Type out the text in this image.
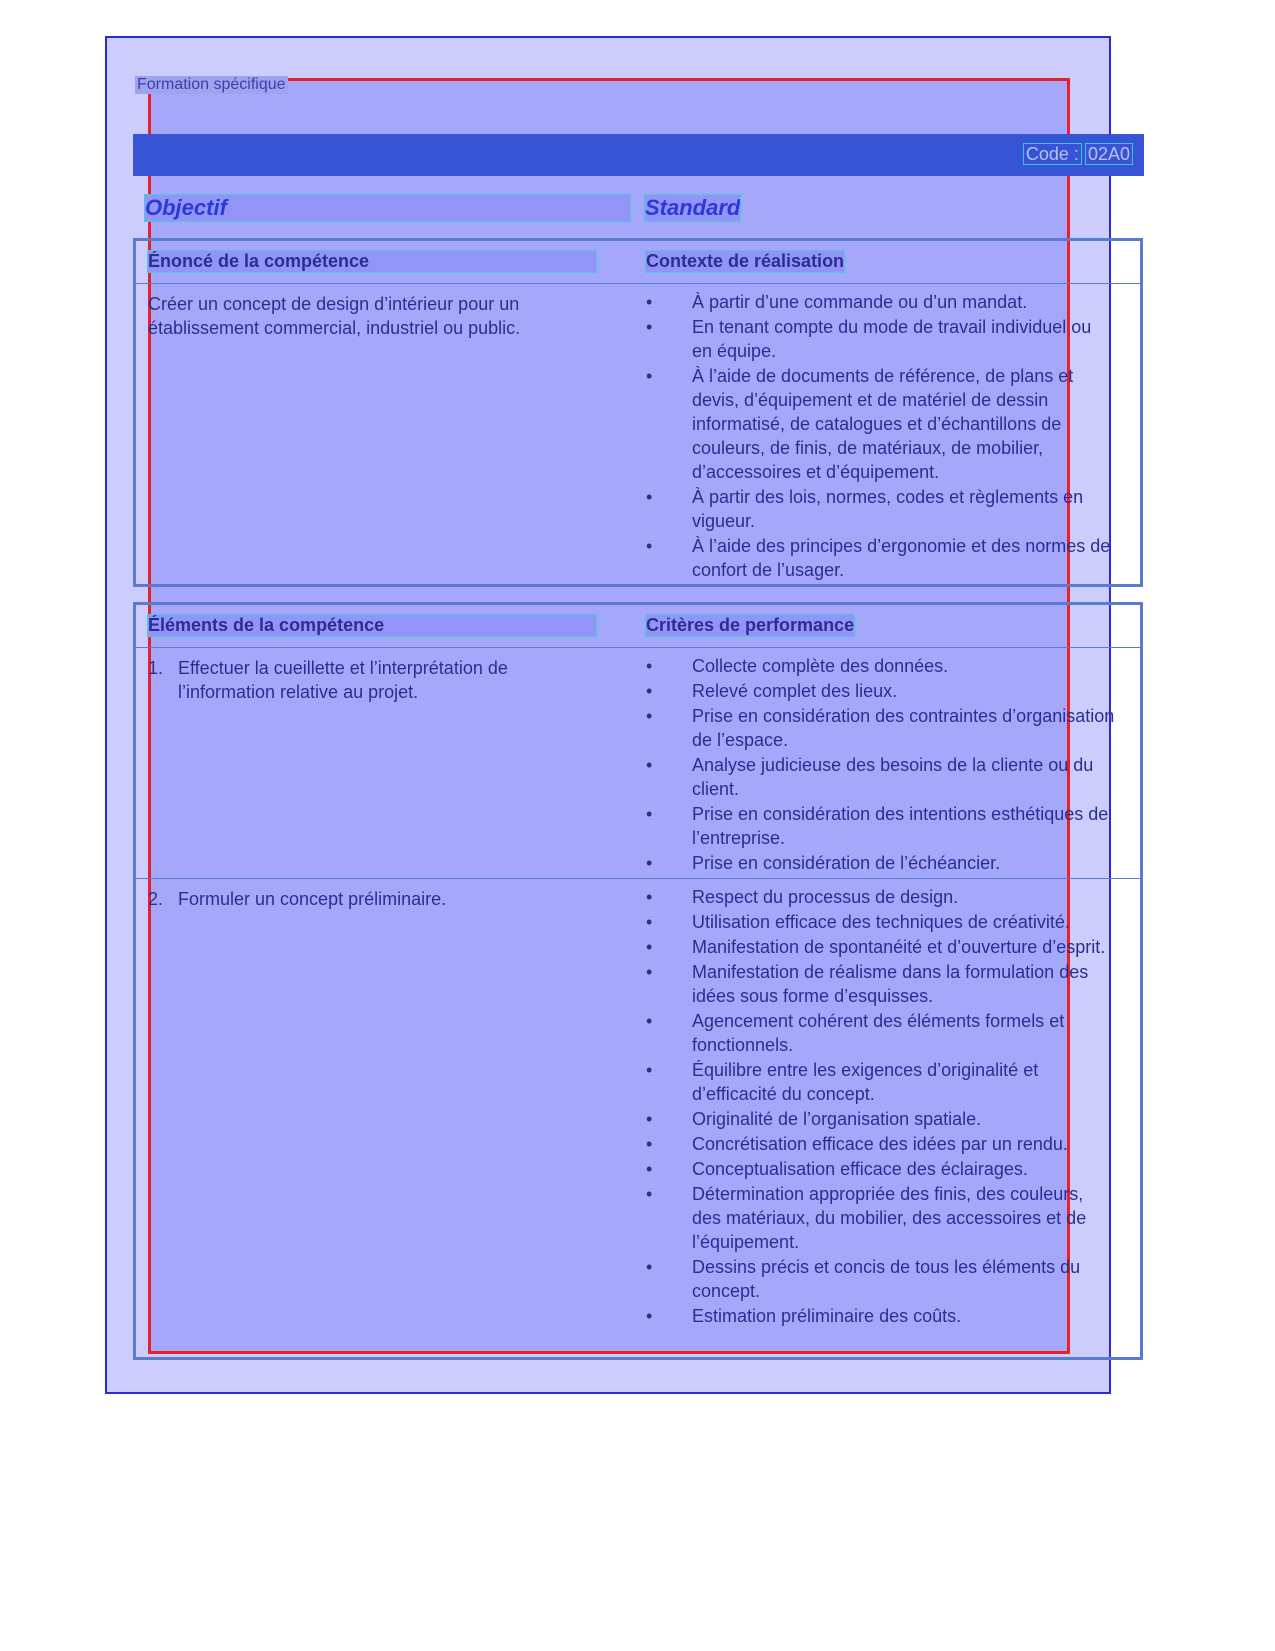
Formation spécifique
Code : 02A0
Objectif	Standard
Énoncé de la compétence	Contexte de réalisation
Créer un concept de design d’intérieur pour un établissement commercial, industriel ou public.
• À partir d’une commande ou d’un mandat.
• En tenant compte du mode de travail individuel ou en équipe.
• À l’aide de documents de référence, de plans et devis, d’équipement et de matériel de dessin informatisé, de catalogues et d’échantillons de couleurs, de finis, de matériaux, de mobilier, d’accessoires et d’équipement.
• À partir des lois, normes, codes et règlements en vigueur.
• À l’aide des principes d’ergonomie et des normes de confort de l’usager.
Éléments de la compétence	Critères de performance
1. Effectuer la cueillette et l’interprétation de l’information relative au projet.
• Collecte complète des données.
• Relevé complet des lieux.
• Prise en considération des contraintes d’organisation de l’espace.
• Analyse judicieuse des besoins de la cliente ou du client.
• Prise en considération des intentions esthétiques de l’entreprise.
• Prise en considération de l’échéancier.
2. Formuler un concept préliminaire.
•	Respect du processus de design.
• Utilisation efficace des techniques de créativité.
• Manifestation de spontanéité et d’ouverture d’esprit.
• Manifestation de réalisme dans la formulation des idées sous forme d’esquisses.
• Agencement cohérent des éléments formels et fonctionnels.
• Équilibre entre les exigences d’originalité et d’efficacité du concept.
• Originalité de l’organisation spatiale.
• Concrétisation efficace des idées par un rendu.
• Conceptualisation efficace des éclairages.
• Détermination appropriée des finis, des couleurs, des matériaux, du mobilier, des accessoires et de l’équipement.
• Dessins précis et concis de tous les éléments du concept.
• Estimation préliminaire des coûts.
